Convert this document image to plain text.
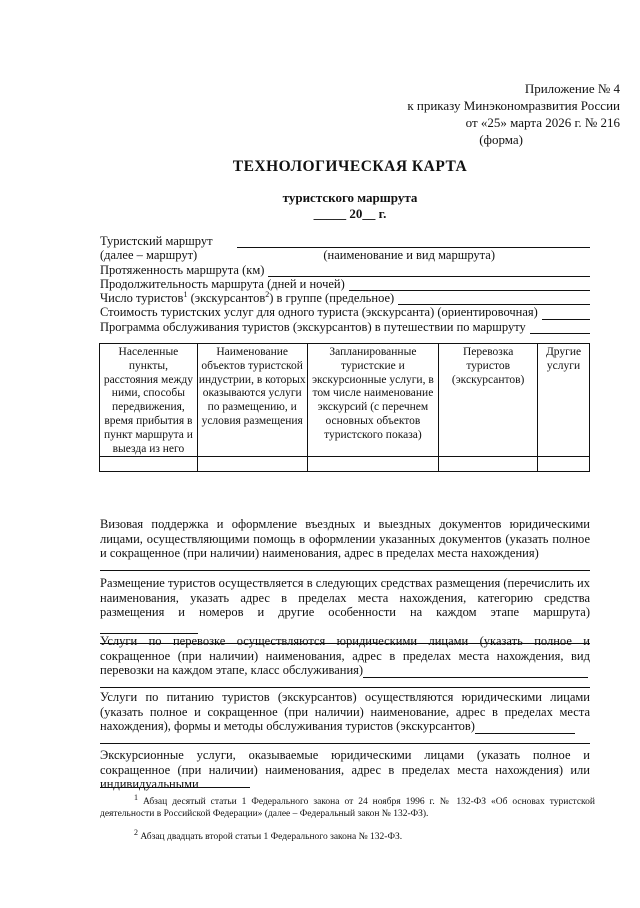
Приложение № 4
к приказу Минэкономразвития России
от «25» марта 2026 г. № 216
(форма)
ТЕХНОЛОГИЧЕСКАЯ КАРТА
туристского маршрута
_____ 20__ г.
Туристский маршрут
(далее – маршрут)	(наименование и вид маршрута)
Протяженность маршрута (км)
Продолжительность маршрута (дней и ночей)
Число туристов$^1$ (экскурсантов$^2$) в группе (предельное)
Стоимость туристских услуг для одного туриста (экскурсанта) (ориентировочная)
Программа обслуживания туристов (экскурсантов) в путешествии по маршруту
Населенные пункты, расстояния между ними, способы передвижения, время прибытия в пункт маршрута и выезда из него	Наименование объектов туристской индустрии, в которых оказываются услуги по размещению, и условия размещения	Запланированные туристские и экскурсионные услуги, в том числе наименование экскурсий (с перечнем основных объектов туристского показа)	Перевозка туристов (экскурсантов)	Другие услуги

Визовая поддержка и оформление въездных и выездных документов юридическими лицами, осуществляющими помощь в оформлении указанных документов (указать полное и сокращенное (при наличии) наименования, адрес в пределах места нахождения)

Размещение туристов осуществляется в следующих средствах размещения (перечислить их наименования, указать адрес в пределах места нахождения, категорию средства размещения и номеров и другие особенности на каждом этапе маршрута)

Услуги по перевозке осуществляются юридическими лицами (указать полное и сокращенное (при наличии) наименования, адрес в пределах места нахождения, вид перевозки на каждом этапе, класс обслуживания)

Услуги по питанию туристов (экскурсантов) осуществляются юридическими лицами (указать полное и сокращенное (при наличии) наименование, адрес в пределах места нахождения), формы и методы обслуживания туристов (экскурсантов)

Экскурсионные услуги, оказываемые юридическими лицами (указать полное и сокращенное (при наличии) наименования, адрес в пределах места нахождения) или индивидуальными

$^1$ Абзац десятый статьи 1 Федерального закона от 24 ноября 1996 г. № 132-ФЗ «Об основах туристской деятельности в Российской Федерации» (далее – Федеральный закон № 132-ФЗ).
$^2$ Абзац двадцать второй статьи 1 Федерального закона № 132-ФЗ.
